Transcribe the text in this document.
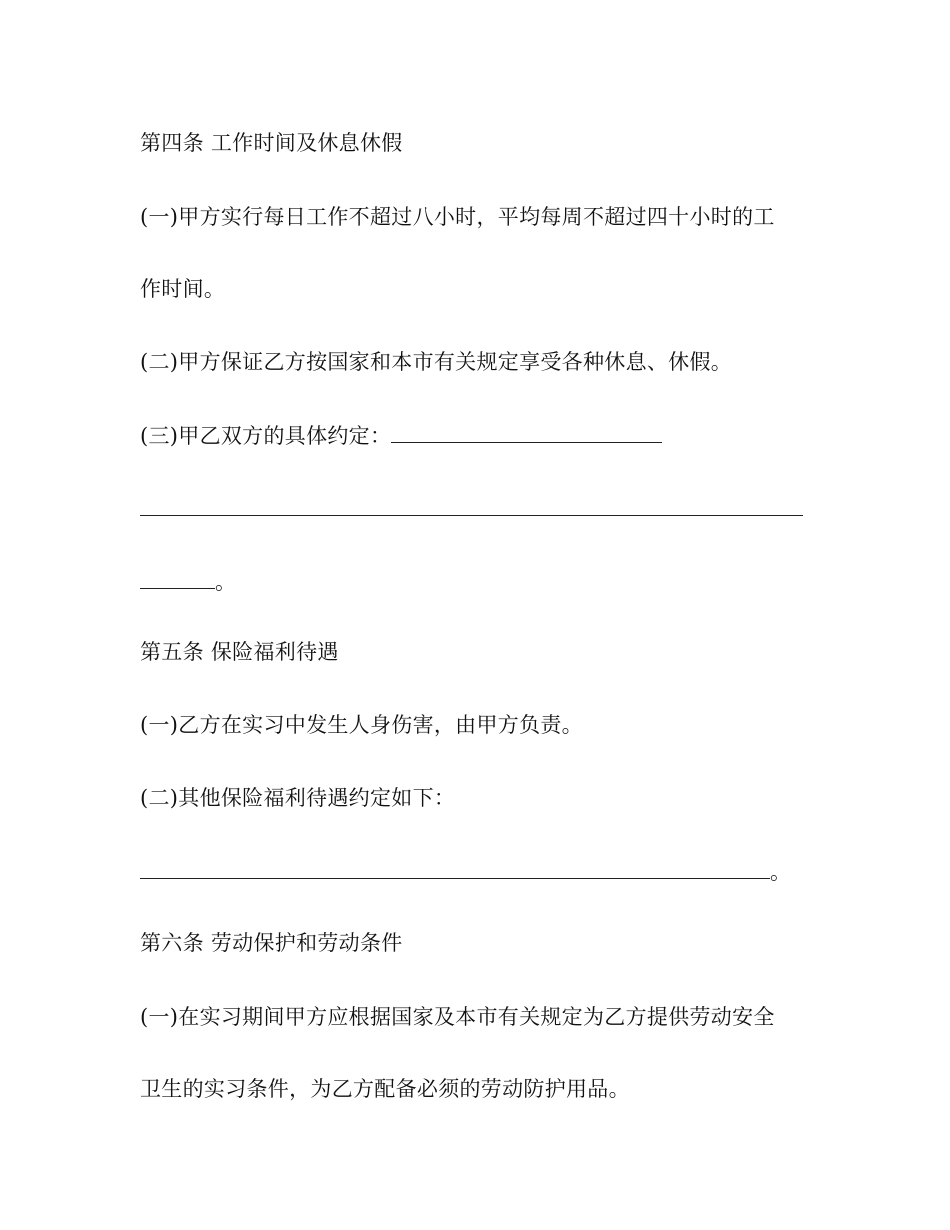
第四条 工作时间及休息休假
(一)甲方实行每日工作不超过八小时，平均每周不超过四十小时的工
作时间。
(二)甲方保证乙方按国家和本市有关规定享受各种休息、休假。
(三)甲乙双方的具体约定：
。
第五条 保险福利待遇
(一)乙方在实习中发生人身伤害，由甲方负责。
(二)其他保险福利待遇约定如下：
。
第六条 劳动保护和劳动条件
(一)在实习期间甲方应根据国家及本市有关规定为乙方提供劳动安全
卫生的实习条件，为乙方配备必须的劳动防护用品。
